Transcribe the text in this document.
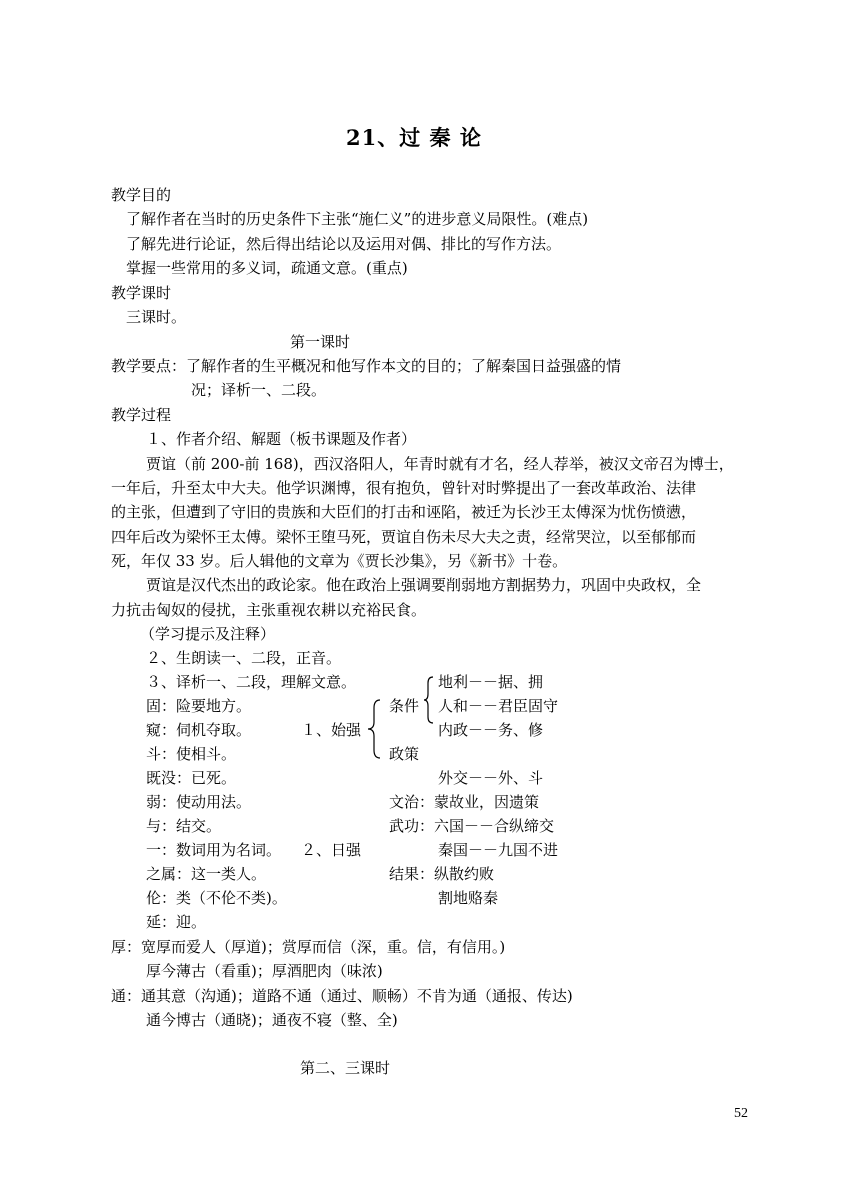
21、过 秦 论
教学目的
了解作者在当时的历史条件下主张“施仁义”的进步意义局限性。(难点)
了解先进行论证，然后得出结论以及运用对偶、排比的写作方法。
掌握一些常用的多义词，疏通文意。(重点)
教学课时
三课时。
第一课时
教学要点：了解作者的生平概况和他写作本文的目的；了解秦国日益强盛的情
况；译析一、二段。
教学过程
１、作者介绍、解题（板书课题及作者）
贾谊（前 200-前 168)，西汉洛阳人，年青时就有才名，经人荐举，被汉文帝召为博士，
一年后，升至太中大夫。他学识渊博，很有抱负，曾针对时弊提出了一套改革政治、法律
的主张，但遭到了守旧的贵族和大臣们的打击和诬陷，被迁为长沙王太傅深为忧伤愤懑，
四年后改为梁怀王太傅。梁怀王堕马死，贾谊自伤未尽大夫之责，经常哭泣，以至郁郁而
死，年仅 33 岁。后人辑他的文章为《贾长沙集》，另《新书》十卷。
贾谊是汉代杰出的政论家。他在政治上强调要削弱地方割据势力，巩固中央政权，全
力抗击匈奴的侵扰，主张重视农耕以充裕民食。
（学习提示及注释）
２、生朗读一、二段，正音。
３、译析一、二段，理解文意。
固：险要地方。
窥：伺机夺取。
斗：使相斗。
既没：已死。
弱：使动用法。
与：结交。
一：数词用为名词。
之属：这一类人。
伦：类（不伦不类)。
延：迎。
１、始强
２、日强
条件
政策
地利－－据、拥
人和－－君臣固守
内政－－务、修
外交－－外、斗
文治：蒙故业，因遗策
武功：六国－－合纵缔交
秦国－－九国不进
结果：纵散约败
割地赂秦
厚：宽厚而爱人（厚道)；赏厚而信（深，重。信，有信用。)
厚今薄古（看重)；厚酒肥肉（味浓)
通：通其意（沟通)；道路不通（通过、顺畅）不肯为通（通报、传达)
通今博古（通晓)；通夜不寝（整、全)
第二、三课时
52
